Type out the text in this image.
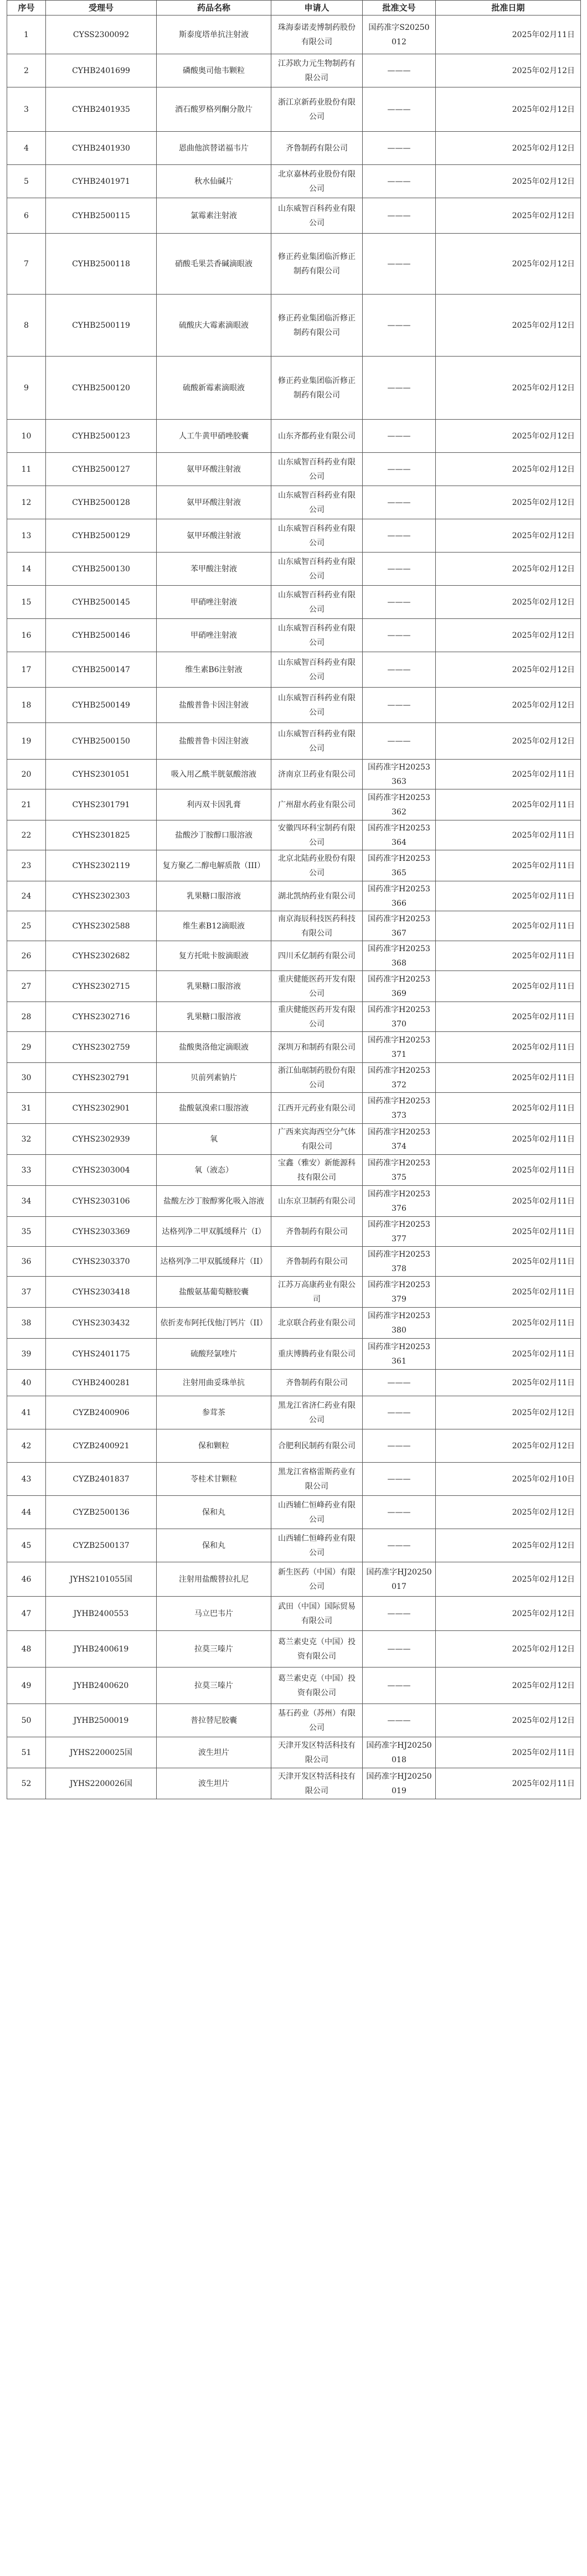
序号	受理号	药品名称	申请人	批准文号	批准日期
1	CYSS2300092	斯泰度塔单抗注射液	珠海泰诺麦博制药股份有限公司	国药准字S20250012	2025年02月11日
2	CYHB2401699	磷酸奥司他韦颗粒	江苏欧力元生物制药有限公司	———	2025年02月12日
3	CYHB2401935	酒石酸罗格列酮分散片	浙江京新药业股份有限公司	———	2025年02月12日
4	CYHB2401930	恩曲他滨替诺福韦片	齐鲁制药有限公司	———	2025年02月12日
5	CYHB2401971	秋水仙碱片	北京嘉林药业股份有限公司	———	2025年02月12日
6	CYHB2500115	氯霉素注射液	山东威智百科药业有限公司	———	2025年02月12日
7	CYHB2500118	硝酸毛果芸香碱滴眼液	修正药业集团临沂修正制药有限公司	———	2025年02月12日
8	CYHB2500119	硫酸庆大霉素滴眼液	修正药业集团临沂修正制药有限公司	———	2025年02月12日
9	CYHB2500120	硫酸新霉素滴眼液	修正药业集团临沂修正制药有限公司	———	2025年02月12日
10	CYHB2500123	人工牛黄甲硝唑胶囊	山东齐都药业有限公司	———	2025年02月12日
11	CYHB2500127	氨甲环酸注射液	山东威智百科药业有限公司	———	2025年02月12日
12	CYHB2500128	氨甲环酸注射液	山东威智百科药业有限公司	———	2025年02月12日
13	CYHB2500129	氨甲环酸注射液	山东威智百科药业有限公司	———	2025年02月12日
14	CYHB2500130	苯甲酸注射液	山东威智百科药业有限公司	———	2025年02月12日
15	CYHB2500145	甲硝唑注射液	山东威智百科药业有限公司	———	2025年02月12日
16	CYHB2500146	甲硝唑注射液	山东威智百科药业有限公司	———	2025年02月12日
17	CYHB2500147	维生素B6注射液	山东威智百科药业有限公司	———	2025年02月12日
18	CYHB2500149	盐酸普鲁卡因注射液	山东威智百科药业有限公司	———	2025年02月12日
19	CYHB2500150	盐酸普鲁卡因注射液	山东威智百科药业有限公司	———	2025年02月12日
20	CYHS2301051	吸入用乙酰半胱氨酸溶液	济南京卫药业有限公司	国药准字H20253363	2025年02月11日
21	CYHS2301791	利丙双卡因乳膏	广州甜水药业有限公司	国药准字H20253362	2025年02月11日
22	CYHS2301825	盐酸沙丁胺醇口服溶液	安徽四环科宝制药有限公司	国药准字H20253364	2025年02月11日
23	CYHS2302119	复方聚乙二醇电解质散（III）	北京北陆药业股份有限公司	国药准字H20253365	2025年02月11日
24	CYHS2302303	乳果糖口服溶液	湖北凯纳药业有限公司	国药准字H20253366	2025年02月11日
25	CYHS2302588	维生素B12滴眼液	南京海辰科技医药科技有限公司	国药准字H20253367	2025年02月11日
26	CYHS2302682	复方托吡卡胺滴眼液	四川禾亿制药有限公司	国药准字H20253368	2025年02月11日
27	CYHS2302715	乳果糖口服溶液	重庆健能医药开发有限公司	国药准字H20253369	2025年02月11日
28	CYHS2302716	乳果糖口服溶液	重庆健能医药开发有限公司	国药准字H20253370	2025年02月11日
29	CYHS2302759	盐酸奥洛他定滴眼液	深圳万和制药有限公司	国药准字H20253371	2025年02月11日
30	CYHS2302791	贝前列素钠片	浙江仙琚制药股份有限公司	国药准字H20253372	2025年02月11日
31	CYHS2302901	盐酸氨溴索口服溶液	江西开元药业有限公司	国药准字H20253373	2025年02月11日
32	CYHS2302939	氧	广西来宾海西空分气体有限公司	国药准字H20253374	2025年02月11日
33	CYHS2303004	氧（液态）	宝鑫（雅安）新能源科技有限公司	国药准字H20253375	2025年02月11日
34	CYHS2303106	盐酸左沙丁胺醇雾化吸入溶液	山东京卫制药有限公司	国药准字H20253376	2025年02月11日
35	CYHS2303369	达格列净二甲双胍缓释片（I）	齐鲁制药有限公司	国药准字H20253377	2025年02月11日
36	CYHS2303370	达格列净二甲双胍缓释片（II）	齐鲁制药有限公司	国药准字H20253378	2025年02月11日
37	CYHS2303418	盐酸氨基葡萄糖胶囊	江苏万高康药业有限公司	国药准字H20253379	2025年02月11日
38	CYHS2303432	依折麦布阿托伐他汀钙片（II）	北京联合药业有限公司	国药准字H20253380	2025年02月11日
39	CYHS2401175	硫酸羟氯喹片	重庆博腾药业有限公司	国药准字H20253361	2025年02月11日
40	CYHB2400281	注射用曲妥珠单抗	齐鲁制药有限公司	———	2025年02月11日
41	CYZB2400906	参茸茶	黑龙江省济仁药业有限公司	———	2025年02月12日
42	CYZB2400921	保和颗粒	合肥利民制药有限公司	———	2025年02月12日
43	CYZB2401837	苓桂术甘颗粒	黑龙江省格雷斯药业有限公司	———	2025年02月10日
44	CYZB2500136	保和丸	山西辅仁恒峰药业有限公司	———	2025年02月12日
45	CYZB2500137	保和丸	山西辅仁恒峰药业有限公司	———	2025年02月12日
46	JYHS2101055国	注射用盐酸替拉扎尼	新生医药（中国）有限公司	国药准字HJ20250017	2025年02月12日
47	JYHB2400553	马立巴韦片	武田（中国）国际贸易有限公司	———	2025年02月12日
48	JYHB2400619	拉莫三嗪片	葛兰素史克（中国）投资有限公司	———	2025年02月12日
49	JYHB2400620	拉莫三嗪片	葛兰素史克（中国）投资有限公司	———	2025年02月12日
50	JYHB2500019	普拉替尼胶囊	基石药业（苏州）有限公司	———	2025年02月12日
51	JYHS2200025国	波生坦片	天津开发区特活科技有限公司	国药准字HJ20250018	2025年02月11日
52	JYHS2200026国	波生坦片	天津开发区特活科技有限公司	国药准字HJ20250019	2025年02月11日
